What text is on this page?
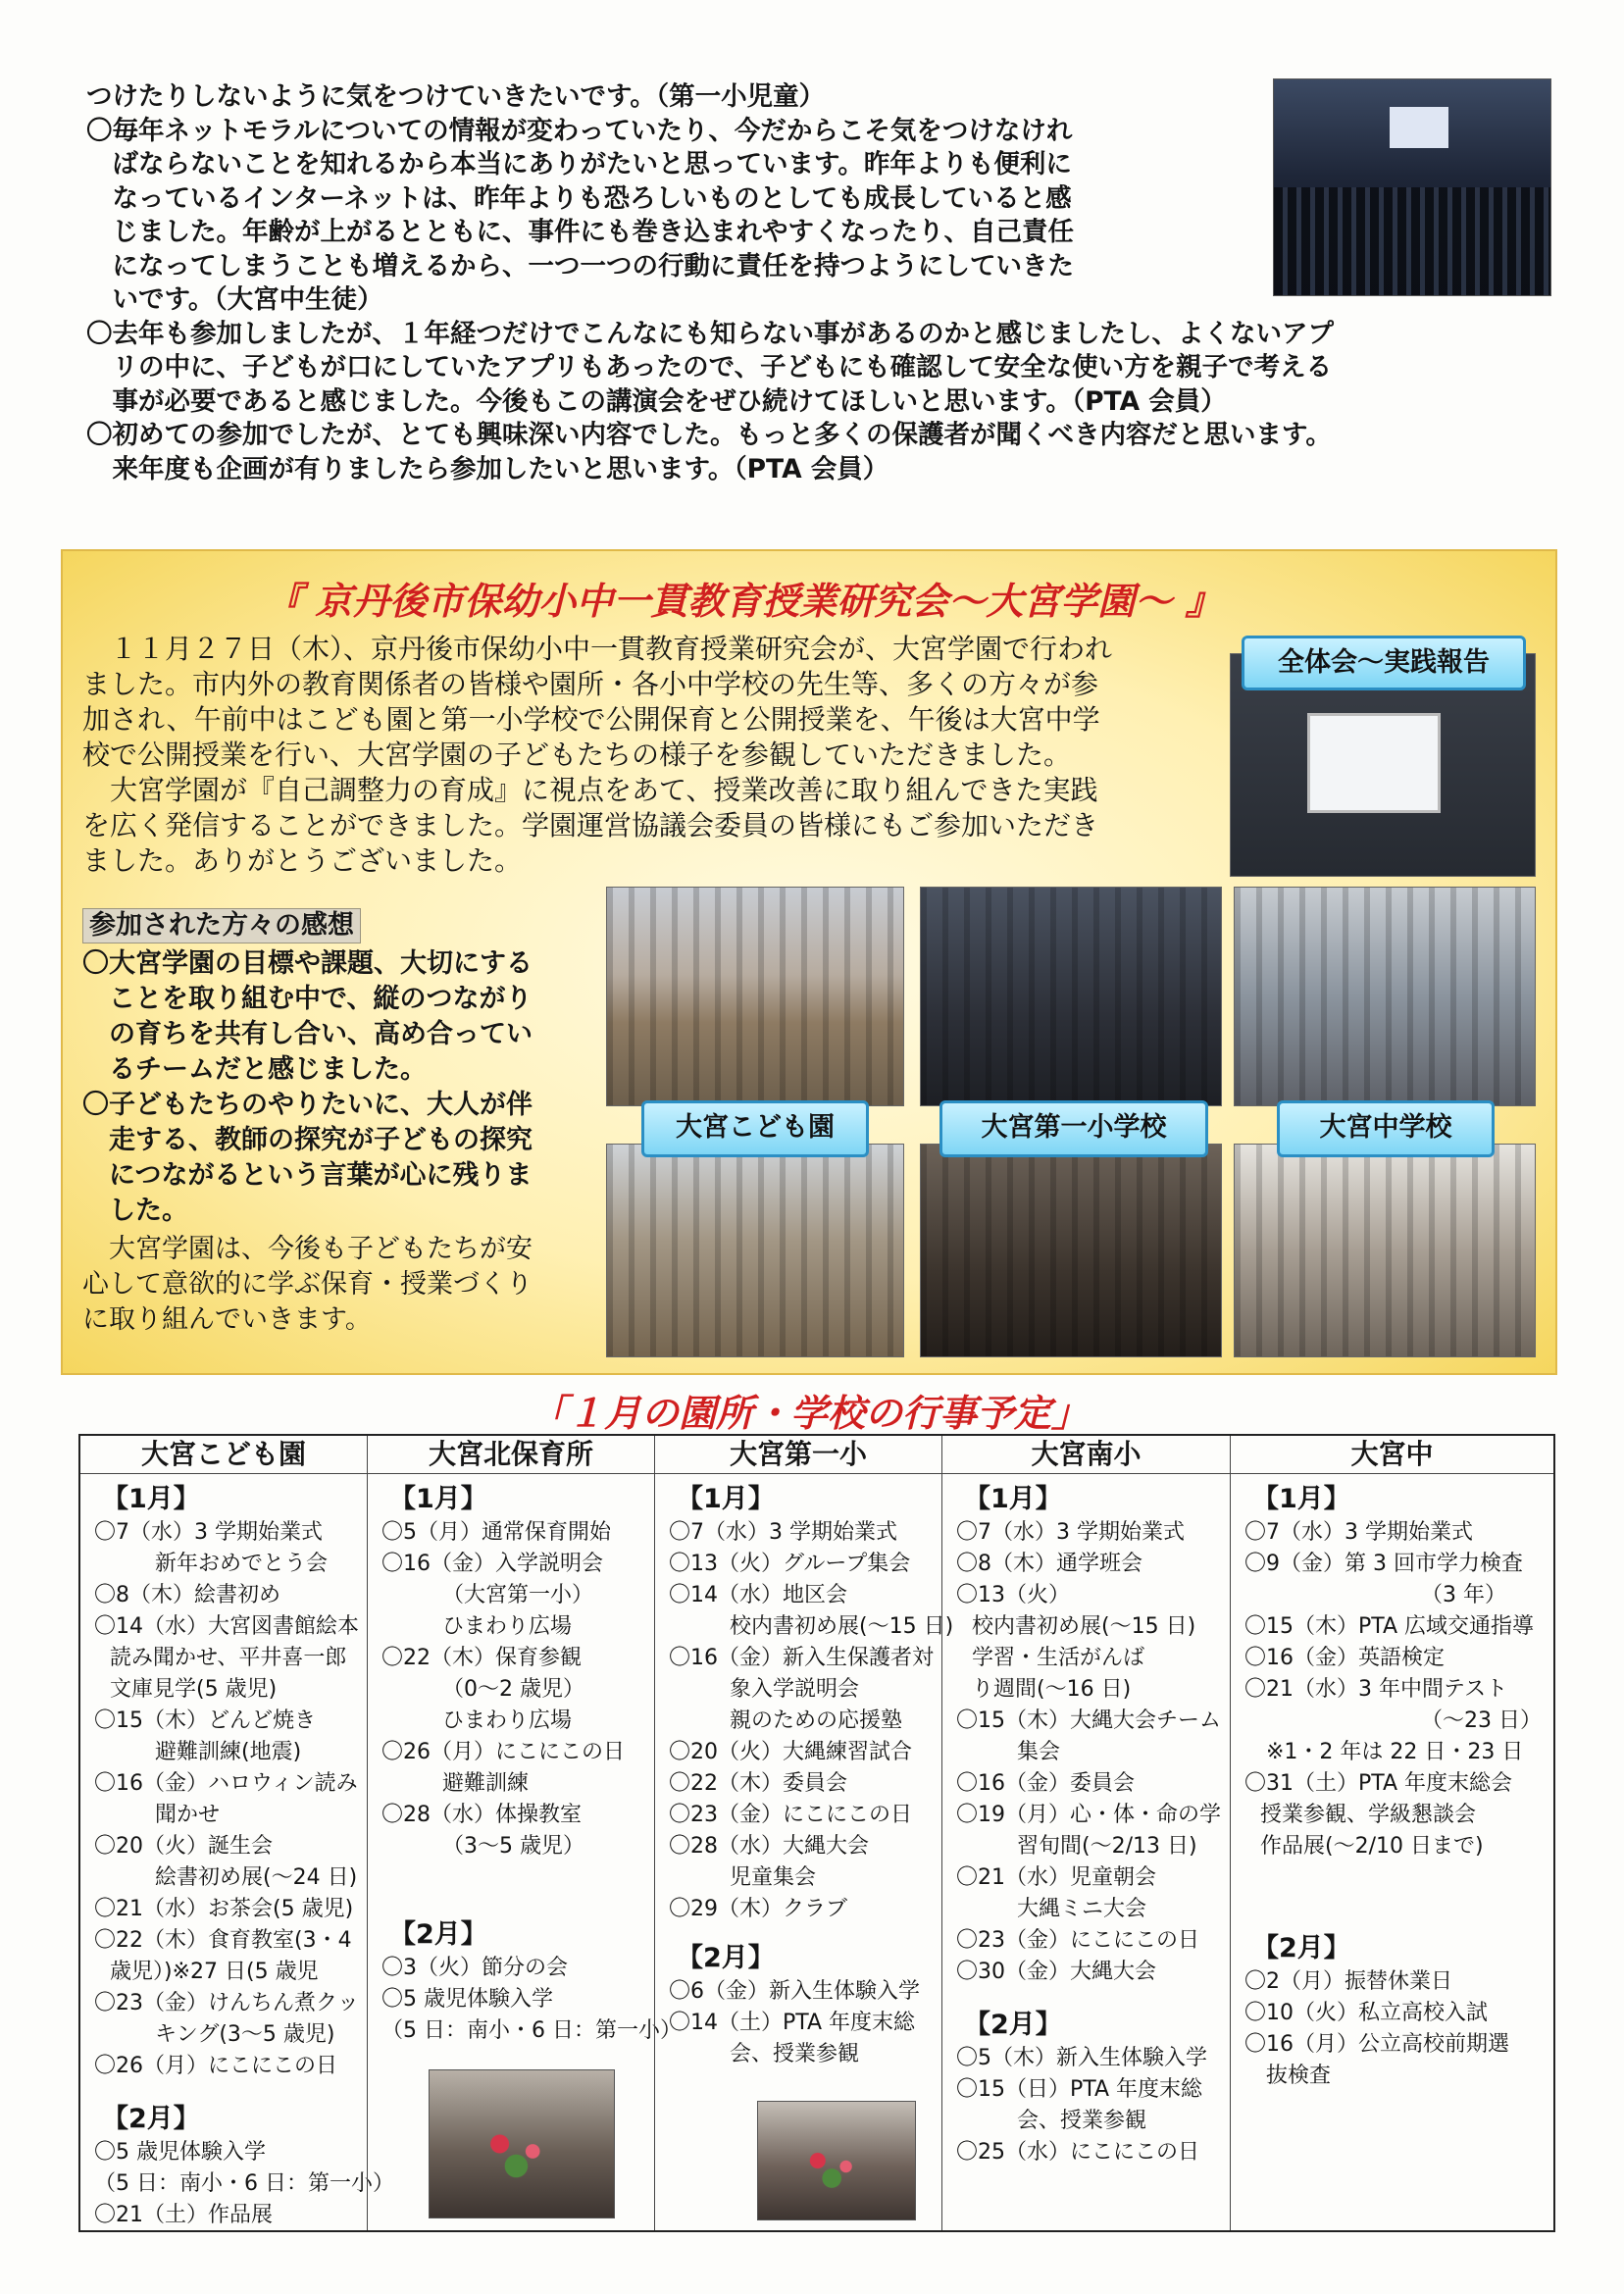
つけたりしないように気をつけていきたいです。（第一小児童）
〇毎年ネットモラルについての情報が変わっていたり、今だからこそ気をつけなけれ
　ばならないことを知れるから本当にありがたいと思っています。昨年よりも便利に
　なっているインターネットは、昨年よりも恐ろしいものとしても成長していると感
　じました。年齢が上がるとともに、事件にも巻き込まれやすくなったり、自己責任
　になってしまうことも増えるから、一つ一つの行動に責任を持つようにしていきた
　いです。（大宮中生徒）
〇去年も参加しましたが、１年経つだけでこんなにも知らない事があるのかと感じましたし、よくないアプ
　リの中に、子どもが口にしていたアプリもあったので、子どもにも確認して安全な使い方を親子で考える
　事が必要であると感じました。今後もこの講演会をぜひ続けてほしいと思います。（PTA 会員）
〇初めての参加でしたが、とても興味深い内容でした。もっと多くの保護者が聞くべき内容だと思います。
　来年度も企画が有りましたら参加したいと思います。（PTA 会員）
『 京丹後市保幼小中一貫教育授業研究会～大宮学園～ 』
　１１月２７日（木）、京丹後市保幼小中一貫教育授業研究会が、大宮学園で行われ
ました。市内外の教育関係者の皆様や園所・各小中学校の先生等、多くの方々が参
加され、午前中はこども園と第一小学校で公開保育と公開授業を、午後は大宮中学
校で公開授業を行い、大宮学園の子どもたちの様子を参観していただきました。
　大宮学園が『自己調整力の育成』に視点をあて、授業改善に取り組んできた実践
を広く発信することができました。学園運営協議会委員の皆様にもご参加いただき
ました。ありがとうございました。
参加された方々の感想
〇大宮学園の目標や課題、大切にする
　ことを取り組む中で、縦のつながり
　の育ちを共有し合い、高め合ってい
　るチームだと感じました。
〇子どもたちのやりたいに、大人が伴
　走する、教師の探究が子どもの探究
　につながるという言葉が心に残りま
　した。
　大宮学園は、今後も子どもたちが安
心して意欲的に学ぶ保育・授業づくり
に取り組んでいきます。
全体会～実践報告
大宮こども園	大宮第一小学校	大宮中学校
「１月の園所・学校の行事予定」
大宮こども園
【1月】
〇7（水）3 学期始業式
新年おめでとう会
〇8（木）絵書初め
〇14（水）大宮図書館絵本
読み聞かせ、平井喜一郎
文庫見学(5 歳児)
〇15（木）どんど焼き
避難訓練(地震)
〇16（金）ハロウィン読み
聞かせ
〇20（火）誕生会
絵書初め展(～24 日)
〇21（水）お茶会(5 歳児)
〇22（木）食育教室(3・4
歳児）)※27 日(5 歳児
〇23（金）けんちん煮クッ
キング(3～5 歳児)
〇26（月）にこにこの日
【2月】
〇5 歳児体験入学
（5 日：南小・6 日：第一小）
〇21（土）作品展
大宮北保育所
【1月】
〇5（月）通常保育開始
〇16（金）入学説明会
（大宮第一小）
ひまわり広場
〇22（木）保育参観
（0～2 歳児）
ひまわり広場
〇26（月）にこにこの日
避難訓練
〇28（水）体操教室
（3～5 歳児）
【2月】
〇3（火）節分の会
〇5 歳児体験入学
（5 日：南小・6 日：第一小）
大宮第一小
【1月】
〇7（水）3 学期始業式
〇13（火）グループ集会
〇14（水）地区会
校内書初め展(～15 日)
〇16（金）新入生保護者対
象入学説明会
親のための応援塾
〇20（火）大縄練習試合
〇22（木）委員会
〇23（金）にこにこの日
〇28（水）大縄大会
児童集会
〇29（木）クラブ
【2月】
〇6（金）新入生体験入学
〇14（土）PTA 年度末総
会、授業参観
大宮南小
【1月】
〇7（水）3 学期始業式
〇8（木）通学班会
〇13（火）
校内書初め展(～15 日)
学習・生活がんば
り週間(～16 日)
〇15（木）大縄大会チーム
集会
〇16（金）委員会
〇19（月）心・体・命の学
習旬間(～2/13 日)
〇21（水）児童朝会
大縄ミニ大会
〇23（金）にこにこの日
〇30（金）大縄大会
【2月】
〇5（木）新入生体験入学
〇15（日）PTA 年度末総
会、授業参観
〇25（水）にこにこの日
大宮中
【1月】
〇7（水）3 学期始業式
〇9（金）第 3 回市学力検査
（3 年）
〇15（木）PTA 広域交通指導
〇16（金）英語検定
〇21（水）3 年中間テスト
（～23 日）
※1・2 年は 22 日・23 日
〇31（土）PTA 年度末総会
授業参観、学級懇談会
作品展(～2/10 日まで)
【2月】
〇2（月）振替休業日
〇10（火）私立高校入試
〇16（月）公立高校前期選
抜検査
